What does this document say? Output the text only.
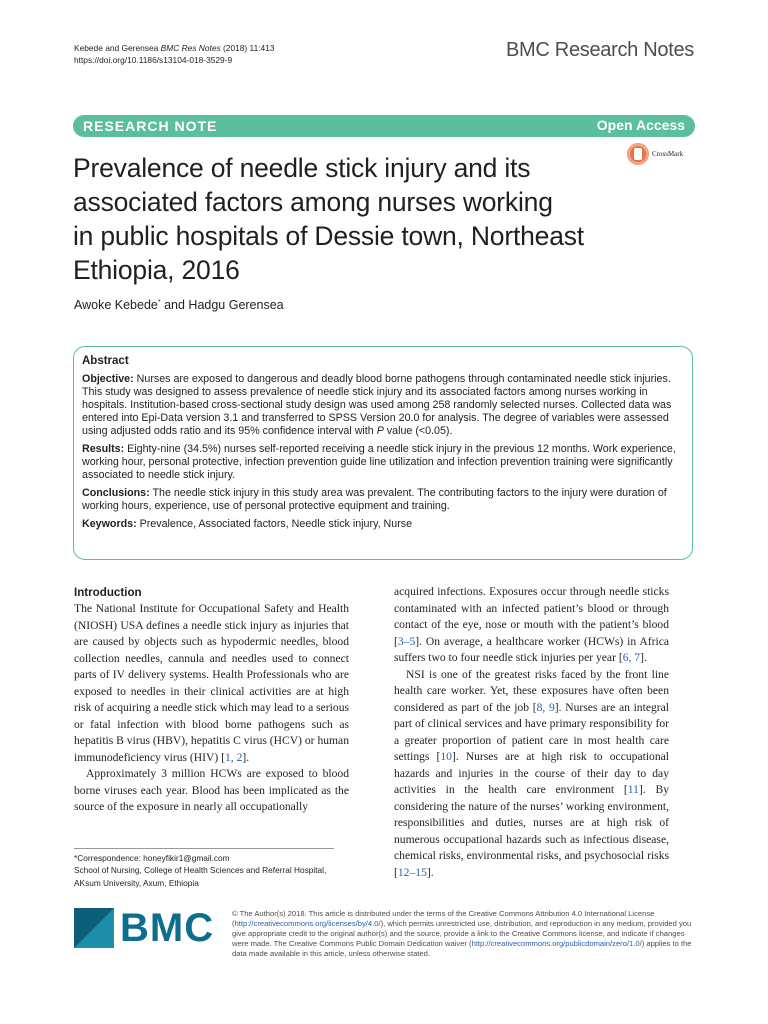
Kebede and Gerensea BMC Res Notes (2018) 11:413
https://doi.org/10.1186/s13104-018-3529-9	BMC Research Notes
RESEARCH NOTE	Open Access
CrossMark
Prevalence of needle stick injury and its
associated factors among nurses working
in public hospitals of Dessie town, Northeast
Ethiopia, 2016
Awoke Kebede* and Hadgu Gerensea
Abstract

Objective: Nurses are exposed to dangerous and deadly blood borne pathogens through contaminated needle stick injuries. This study was designed to assess prevalence of needle stick injury and its associated factors among nurses working in hospitals. Institution-based cross-sectional study design was used among 258 randomly selected nurses. Collected data was entered into Epi-Data version 3.1 and transferred to SPSS Version 20.0 for analysis. The degree of variables were assessed using adjusted odds ratio and its 95% confidence interval with P value (<0.05).

Results: Eighty-nine (34.5%) nurses self-reported receiving a needle stick injury in the previous 12 months. Work experience, working hour, personal protective, infection prevention guide line utilization and infection prevention training were significantly associated to needle stick injury.

Conclusions: The needle stick injury in this study area was prevalent. The contributing factors to the injury were duration of working hours, experience, use of personal protective equipment and training.

Keywords: Prevalence, Associated factors, Needle stick injury, Nurse

Introduction

The National Institute for Occupational Safety and Health (NIOSH) USA defines a needle stick injury as injuries that are caused by objects such as hypodermic needles, blood collection needles, cannula and needles used to connect parts of IV delivery systems. Health Professionals who are exposed to needles in their clinical activities are at high risk of acquiring a needle stick which may lead to a serious or fatal infection with blood borne pathogens such as hepatitis B virus (HBV), hepatitis C virus (HCV) or human immunodeficiency virus (HIV) [1, 2].

Approximately 3 million HCWs are exposed to blood borne viruses each year. Blood has been implicated as the source of the exposure in nearly all occupationally

acquired infections. Exposures occur through needle sticks contaminated with an infected patient’s blood or through contact of the eye, nose or mouth with the patient’s blood [3–5]. On average, a healthcare worker (HCWs) in Africa suffers two to four needle stick injuries per year [6, 7].

NSI is one of the greatest risks faced by the front line health care worker. Yet, these exposures have often been considered as part of the job [8, 9]. Nurses are an integral part of clinical services and have primary responsibility for a greater proportion of patient care in most health care settings [10]. Nurses are at high risk to occupational hazards and injuries in the course of their day to day activities in the health care environment [11]. By considering the nature of the nurses’ working environment, responsibilities and duties, nurses are at high risk of numerous occupational hazards such as infectious disease, chemical risks, environmental risks, and psychosocial risks [12–15].

*Correspondence: honeyfikir1@gmail.com
School of Nursing, College of Health Sciences and Referral Hospital,
AKsum University, Axum, Ethiopia
BMC © The Author(s) 2018. This article is distributed under the terms of the Creative Commons Attribution 4.0 International License (http://creativecommons.org/licenses/by/4.0/), which permits unrestricted use, distribution, and reproduction in any medium, provided you give appropriate credit to the original author(s) and the source, provide a link to the Creative Commons license, and indicate if changes were made. The Creative Commons Public Domain Dedication waiver (http://creativecommons.org/publicdomain/zero/1.0/) applies to the data made available in this article, unless otherwise stated.
